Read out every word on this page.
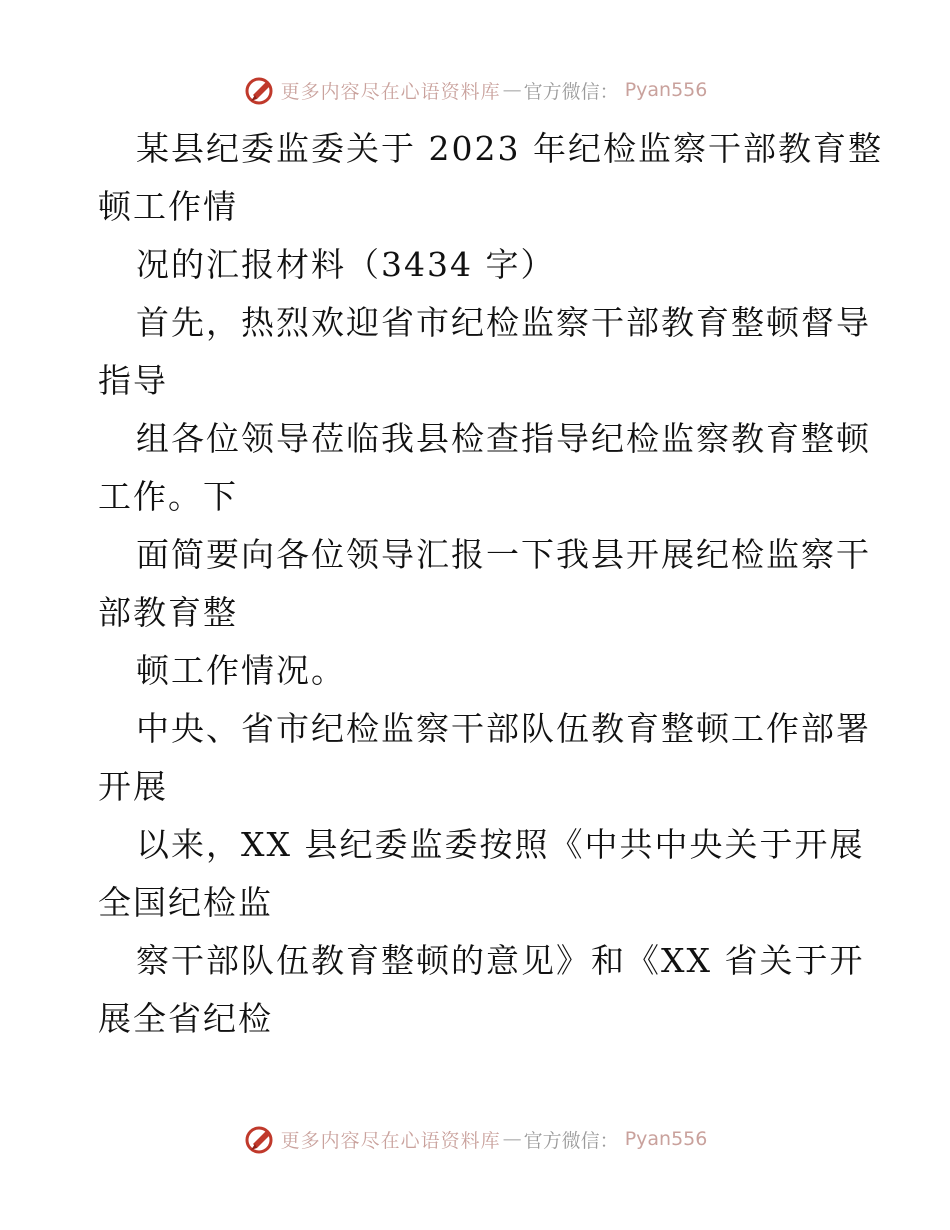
更多内容尽在心语资料库 — 官方微信： Pyan556
某县纪委监委关于 2023 年纪检监察干部教育整
顿工作情
况的汇报材料（3434 字）
首先，热烈欢迎省市纪检监察干部教育整顿督导
指导
组各位领导莅临我县检查指导纪检监察教育整顿
工作。下
面简要向各位领导汇报一下我县开展纪检监察干
部教育整
顿工作情况。
中央、省市纪检监察干部队伍教育整顿工作部署
开展
以来，XX 县纪委监委按照《中共中央关于开展
全国纪检监
察干部队伍教育整顿的意见》和《XX 省关于开
展全省纪检
更多内容尽在心语资料库 — 官方微信： Pyan556
